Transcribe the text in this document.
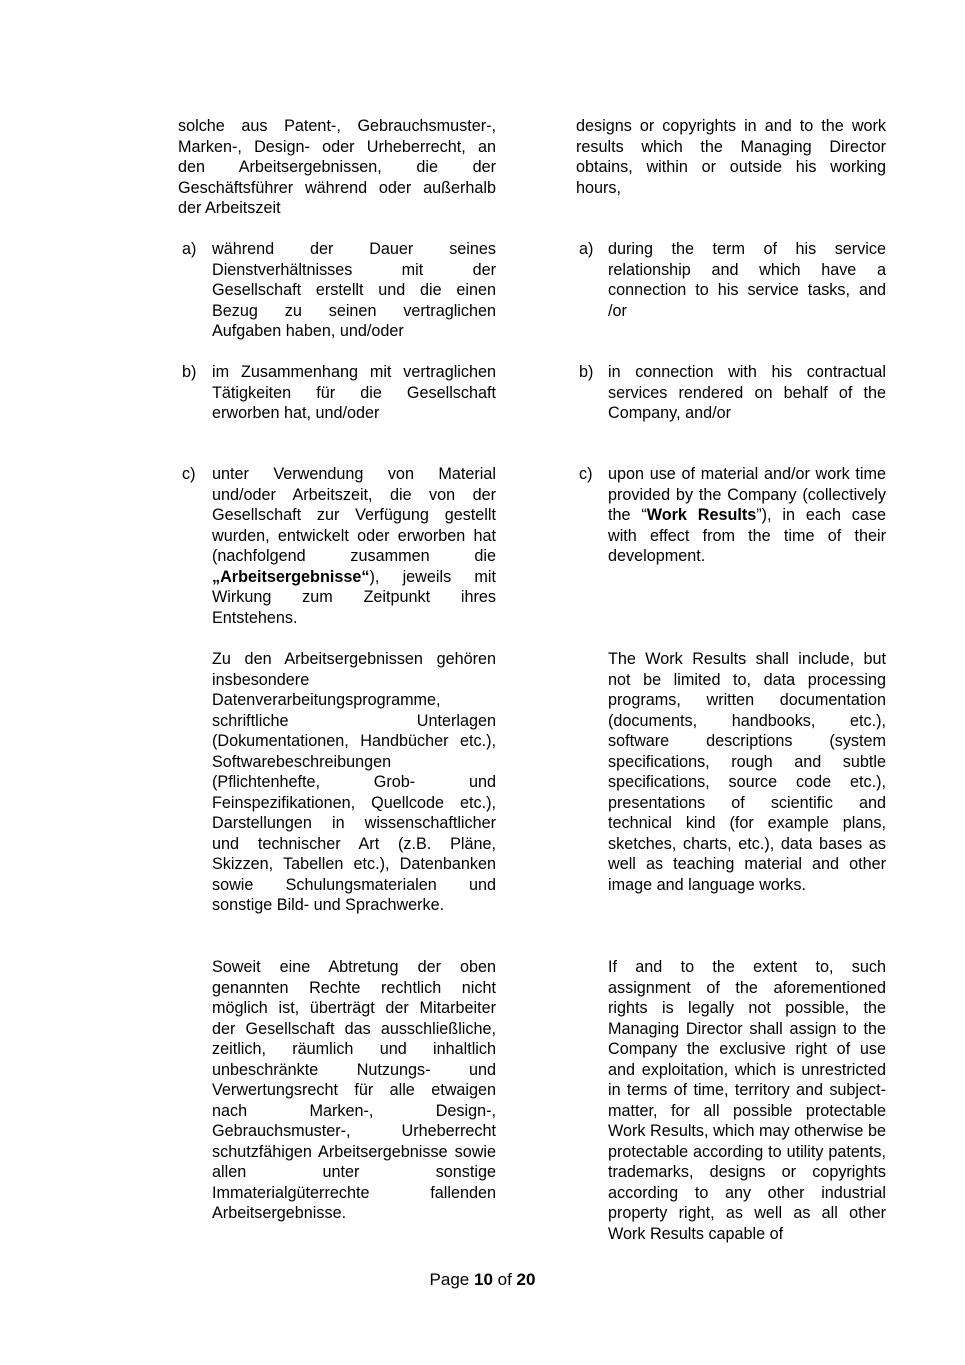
solche aus Patent-, Gebrauchsmuster-, Marken-, Design- oder Urheberrecht, an den Arbeitsergebnissen, die der Geschäftsführer während oder außerhalb der Arbeitszeit
a) während der Dauer seines Dienstverhältnisses mit der Gesellschaft erstellt und die einen Bezug zu seinen vertraglichen Aufgaben haben, und/oder
b) im Zusammenhang mit vertraglichen Tätigkeiten für die Gesellschaft erworben hat, und/oder
c)	unter Verwendung von Material und/oder Arbeitszeit, die von der Gesellschaft zur Verfügung gestellt wurden, entwickelt oder erworben hat (nachfolgend zusammen die „Arbeitsergebnisse“), jeweils mit Wirkung zum Zeitpunkt ihres Entstehens.
Zu den Arbeitsergebnissen gehören insbesondere Datenverarbeitungsprogramme, schriftliche Unterlagen (Dokumentationen, Handbücher etc.), Softwarebeschreibungen (Pflichtenhefte, Grob- und Feinspezifikationen, Quellcode etc.), Darstellungen in wissenschaftlicher und technischer Art (z.B. Pläne, Skizzen, Tabellen etc.), Datenbanken sowie Schulungsmaterialen und sonstige Bild- und Sprachwerke.
Soweit eine Abtretung der oben genannten Rechte rechtlich nicht möglich ist, überträgt der Mitarbeiter der Gesellschaft das ausschließliche, zeitlich, räumlich und inhaltlich unbeschränkte Nutzungs- und Verwertungsrecht für alle etwaigen nach Marken-, Design-, Gebrauchsmuster-, Urheberrecht schutzfähigen Arbeitsergebnisse sowie allen unter sonstige Immaterialgüterrechte fallenden Arbeitsergebnisse.
designs or copyrights in and to the work results which the Managing Director obtains, within or outside his working hours,
a) during the term of his service relationship and which have a connection to his service tasks, and /or
b) in connection with his contractual services rendered on behalf of the Company, and/or
c) upon use of material and/or work time provided by the Company (collectively the “Work Results”), in each case with effect from the time of their development.
The Work Results shall include, but not be limited to, data processing programs, written documentation (documents, handbooks, etc.), software descriptions (system specifications, rough and subtle specifications, source code etc.), presentations of scientific and technical kind (for example plans, sketches, charts, etc.), data bases as well as teaching material and other image and language works.
If and to the extent to, such assignment of the aforementioned rights is legally not possible, the Managing Director shall assign to the Company the exclusive right of use and exploitation, which is unrestricted in terms of time, territory and subject-matter, for all possible protectable Work Results, which may otherwise be protectable according to utility patents, trademarks, designs or copyrights according to any other industrial property right, as well as all other Work Results capable of
Page 10 of 20
